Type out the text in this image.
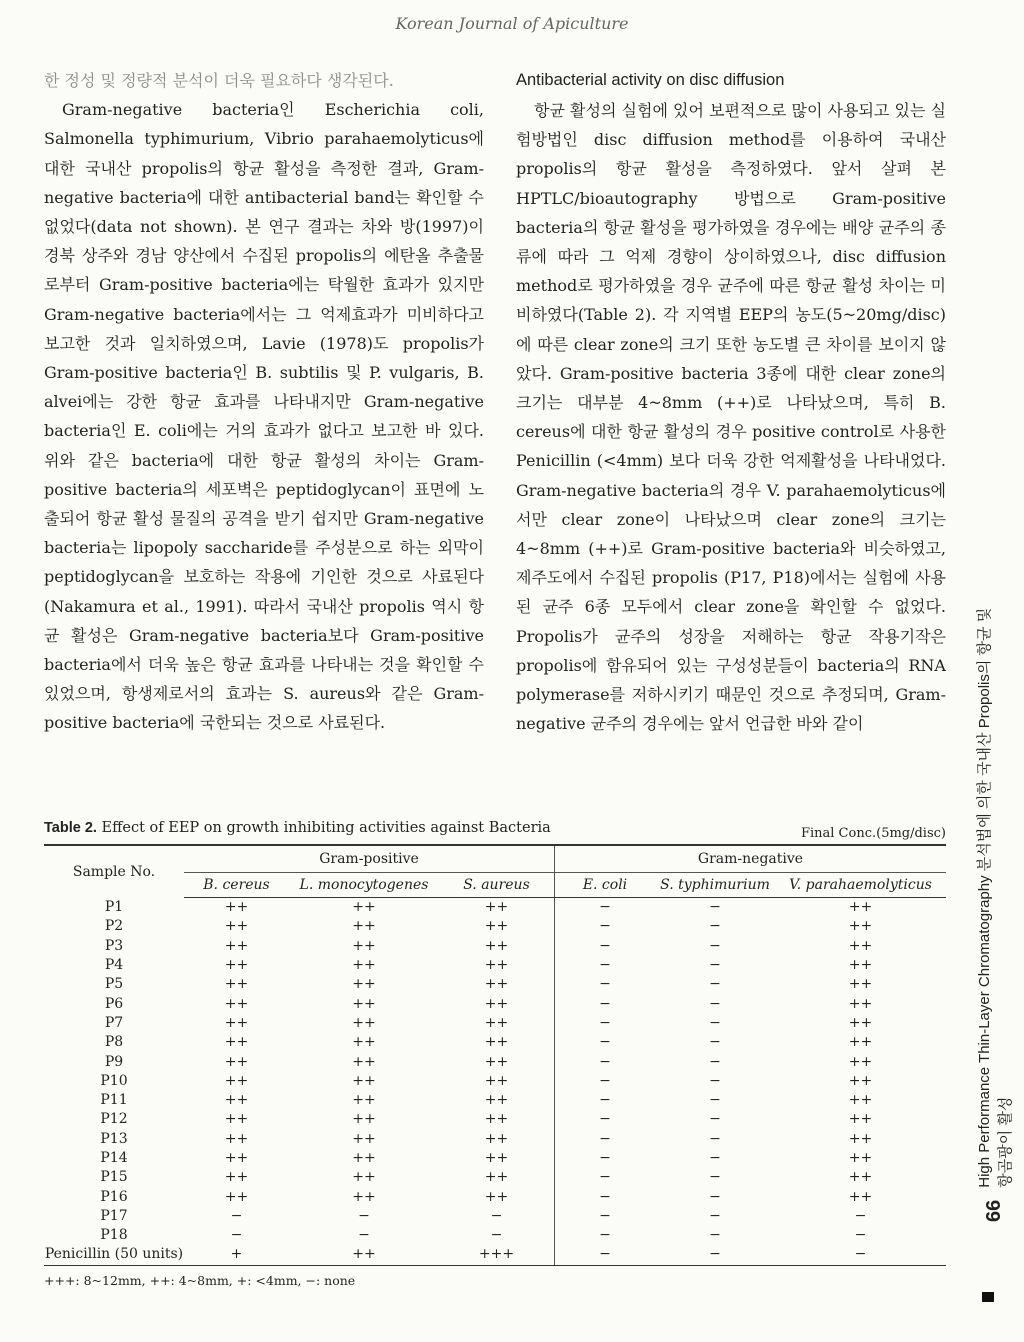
Korean Journal of Apiculture

한 정성 및 정량적 분석이 더욱 필요하다 생각된다.

Gram-negative bacteria인 Escherichia coli, Salmonella typhimurium, Vibrio parahaemolyticus에 대한 국내산 propolis의 항균 활성을 측정한 결과, Gram-negative bacteria에 대한 antibacterial band는 확인할 수 없었다(data not shown). 본 연구 결과는 차와 방(1997)이 경북 상주와 경남 양산에서 수집된 propolis의 에탄올 추출물로부터 Gram-positive bacteria에는 탁월한 효과가 있지만 Gram-negative bacteria에서는 그 억제효과가 미비하다고 보고한 것과 일치하였으며, Lavie (1978)도 propolis가 Gram-positive bacteria인 B. subtilis 및 P. vulgaris, B. alvei에는 강한 항균 효과를 나타내지만 Gram-negative bacteria인 E. coli에는 거의 효과가 없다고 보고한 바 있다. 위와 같은 bacteria에 대한 항균 활성의 차이는 Gram-positive bacteria의 세포벽은 peptidoglycan이 표면에 노출되어 항균 활성 물질의 공격을 받기 쉽지만 Gram-negative bacteria는 lipopoly saccharide를 주성분으로 하는 외막이 peptidoglycan을 보호하는 작용에 기인한 것으로 사료된다(Nakamura et al., 1991). 따라서 국내산 propolis 역시 항균 활성은 Gram-negative bacteria보다 Gram-positive bacteria에서 더욱 높은 항균 효과를 나타내는 것을 확인할 수 있었으며, 항생제로서의 효과는 S. aureus와 같은 Gram-positive bacteria에 국한되는 것으로 사료된다.

Antibacterial activity on disc diffusion

항균 활성의 실험에 있어 보편적으로 많이 사용되고 있는 실험방법인 disc diffusion method를 이용하여 국내산 propolis의 항균 활성을 측정하였다. 앞서 살펴 본 HPTLC/bioautography 방법으로 Gram-positive bacteria의 항균 활성을 평가하였을 경우에는 배양 균주의 종류에 따라 그 억제 경향이 상이하였으나, disc diffusion method로 평가하였을 경우 균주에 따른 항균 활성 차이는 미비하였다(Table 2). 각 지역별 EEP의 농도(5~20mg/disc)에 따른 clear zone의 크기 또한 농도별 큰 차이를 보이지 않았다. Gram-positive bacteria 3종에 대한 clear zone의 크기는 대부분 4~8mm (++)로 나타났으며, 특히 B. cereus에 대한 항균 활성의 경우 positive control로 사용한 Penicillin (<4mm) 보다 더욱 강한 억제활성을 나타내었다. Gram-negative bacteria의 경우 V. parahaemolyticus에서만 clear zone이 나타났으며 clear zone의 크기는 4~8mm (++)로 Gram-positive bacteria와 비슷하였고, 제주도에서 수집된 propolis (P17, P18)에서는 실험에 사용된 균주 6종 모두에서 clear zone을 확인할 수 없었다. Propolis가 균주의 성장을 저해하는 항균 작용기작은 propolis에 함유되어 있는 구성성분들이 bacteria의 RNA polymerase를 저하시키기 때문인 것으로 추정되며, Gram-negative 균주의 경우에는 앞서 언급한 바와 같이

Table 2. Effect of EEP on growth inhibiting activities against Bacteria	Final Conc.(5mg/disc)
Sample No.	Gram-positive			Gram-negative		
	B. cereus	L. monocytogenes	S. aureus	E. coli	S. typhimurium	V. parahaemolyticus
P1	++	++	++	−	−	++
P2	++	++	++	−	−	++
P3	++	++	++	−	−	++
P4	++	++	++	−	−	++
P5	++	++	++	−	−	++
P6	++	++	++	−	−	++
P7	++	++	++	−	−	++
P8	++	++	++	−	−	++
P9	++	++	++	−	−	++
P10	++	++	++	−	−	++
P11	++	++	++	−	−	++
P12	++	++	++	−	−	++
P13	++	++	++	−	−	++
P14	++	++	++	−	−	++
P15	++	++	++	−	−	++
P16	++	++	++	−	−	++
P17	−	−	−	−	−	−
P18	−	−	−	−	−	−
Penicillin (50 units)	+	++	+++	−	−	−
+++: 8~12mm, ++: 4~8mm, +: <4mm, −: none
66
High Performance Thin-Layer Chromatography 분석법에 의한 국내산 Propolis의 항균 및 항곰팡이 활성
